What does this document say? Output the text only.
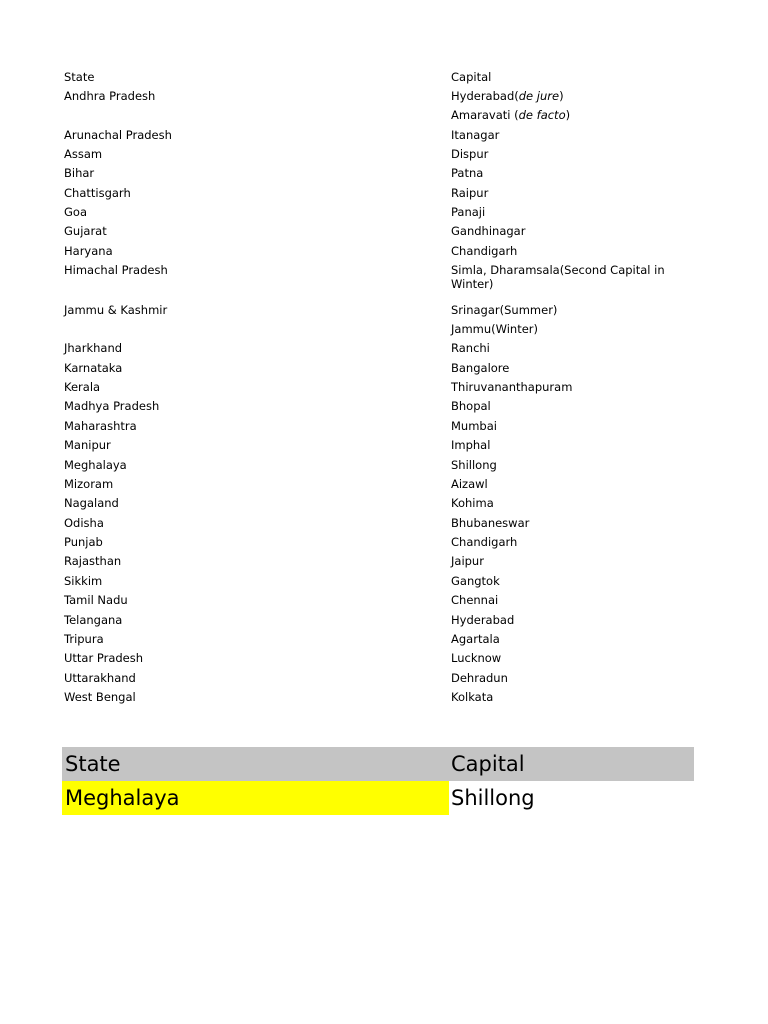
State	Capital
Andhra Pradesh	Hyderabad(de jure)
Amaravati (de facto)
Arunachal Pradesh	Itanagar
Assam	Dispur
Bihar	Patna
Chattisgarh	Raipur
Goa	Panaji
Gujarat	Gandhinagar
Haryana	Chandigarh
Himachal Pradesh	Simla, Dharamsala(Second Capital in Winter)
Jammu & Kashmir	Srinagar(Summer)
Jammu(Winter)
Jharkhand	Ranchi
Karnataka	Bangalore
Kerala	Thiruvananthapuram
Madhya Pradesh	Bhopal
Maharashtra	Mumbai
Manipur	Imphal
Meghalaya	Shillong
Mizoram	Aizawl
Nagaland	Kohima
Odisha	Bhubaneswar
Punjab	Chandigarh
Rajasthan	Jaipur
Sikkim	Gangtok
Tamil Nadu	Chennai
Telangana	Hyderabad
Tripura	Agartala
Uttar Pradesh	Lucknow
Uttarakhand	Dehradun
West Bengal	Kolkata
State	Capital
Meghalaya	Shillong
